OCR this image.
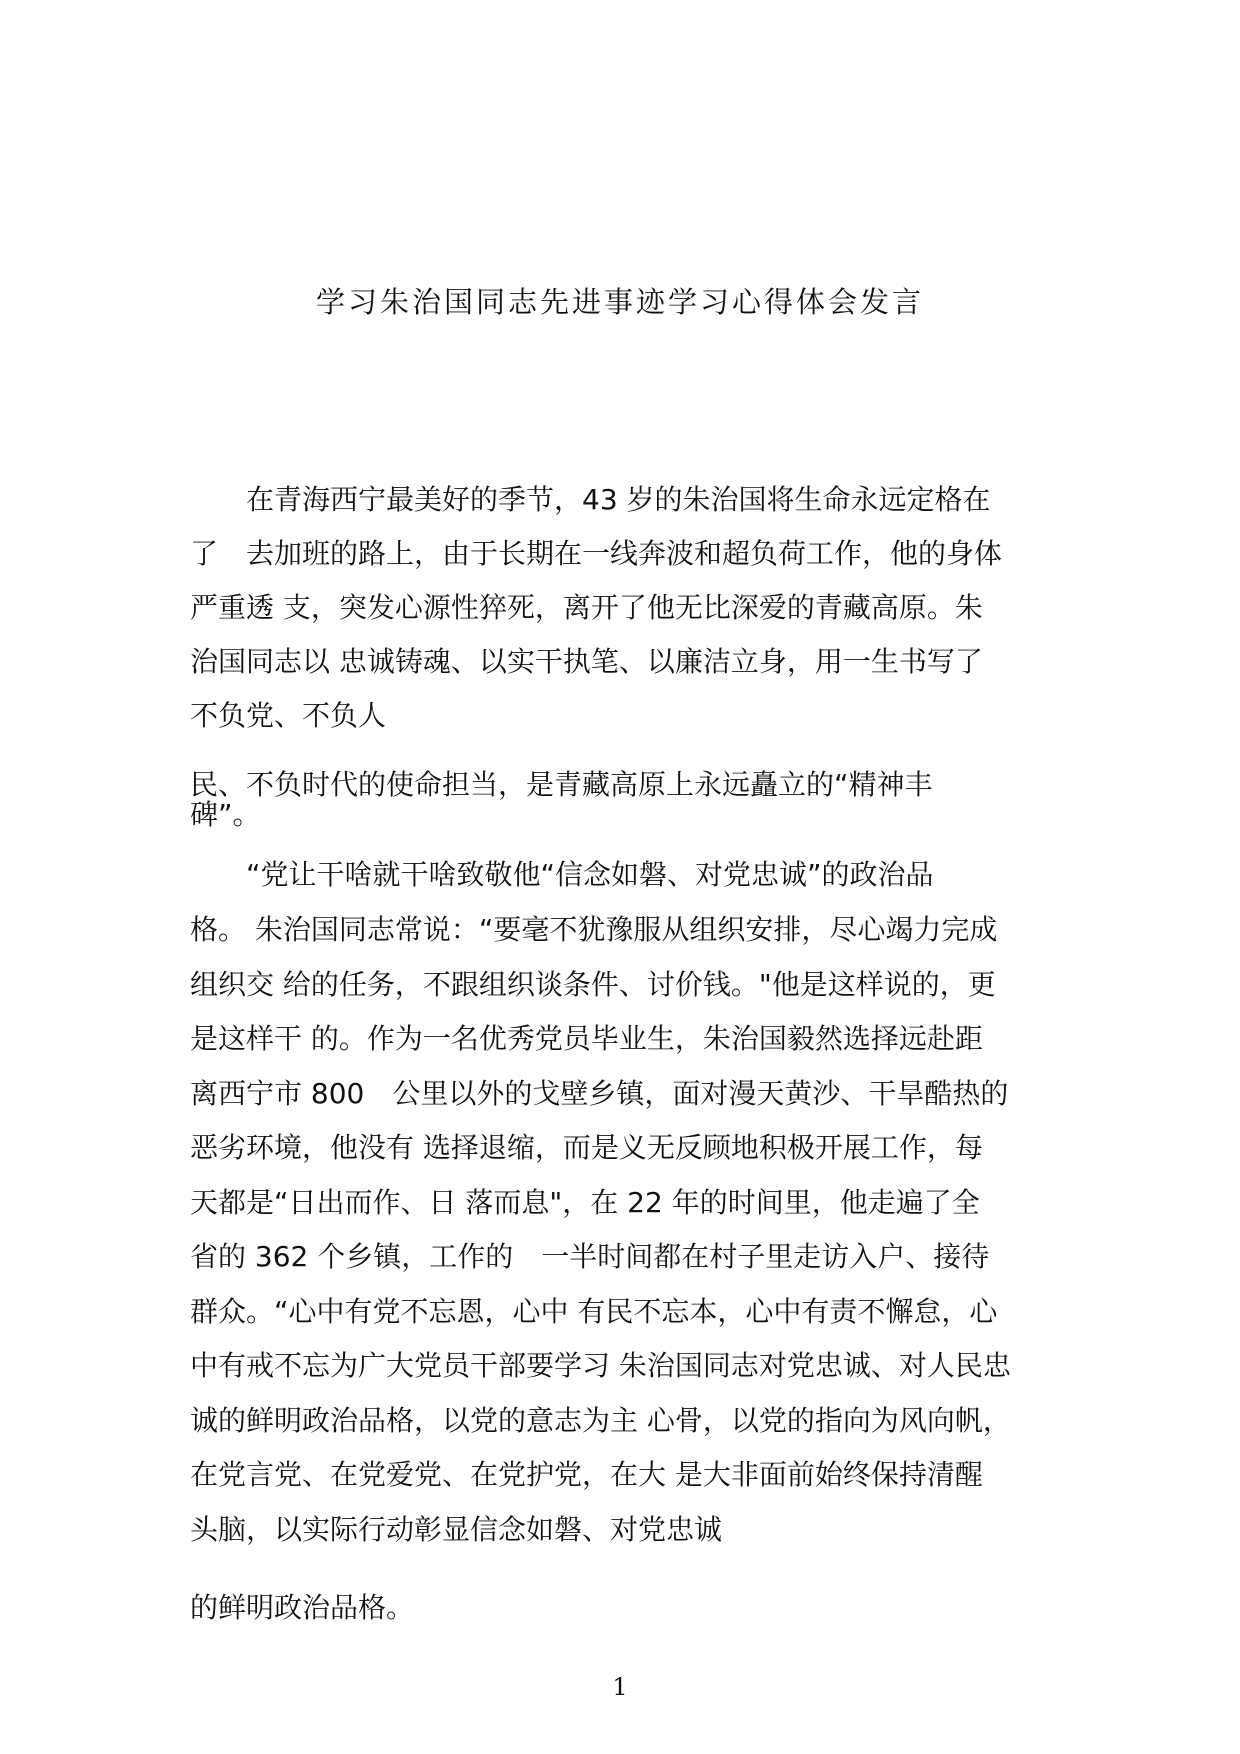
学习朱治国同志先进事迹学习心得体会发言
　　在青海西宁最美好的季节，43 岁的朱治国将生命永远定格在
了　去加班的路上，由于长期在一线奔波和超负荷工作，他的身体
严重透 支，突发心源性猝死，离开了他无比深爱的青藏高原。朱
治国同志以 忠诚铸魂、以实干执笔、以廉洁立身，用一生书写了
不负党、不负人
民、不负时代的使命担当，是青藏高原上永远矗立的“精神丰
碑”。
　　“党让干啥就干啥致敬他“信念如磐、对党忠诚”的政治品
格。 朱治国同志常说：“要毫不犹豫服从组织安排，尽心竭力完成
组织交 给的任务，不跟组织谈条件、讨价钱。"他是这样说的，更
是这样干 的。作为一名优秀党员毕业生，朱治国毅然选择远赴距
离西宁市 800　公里以外的戈壁乡镇，面对漫天黄沙、干旱酷热的
恶劣环境，他没有 选择退缩，而是义无反顾地积极开展工作，每
天都是“日出而作、日 落而息"，在 22 年的时间里，他走遍了全
省的 362 个乡镇，工作的　一半时间都在村子里走访入户、接待
群众。“心中有党不忘恩，心中 有民不忘本，心中有责不懈怠，心
中有戒不忘为广大党员干部要学习 朱治国同志对党忠诚、对人民忠
诚的鲜明政治品格，以党的意志为主 心骨，以党的指向为风向帆，
在党言党、在党爱党、在党护党，在大 是大非面前始终保持清醒
头脑，以实际行动彰显信念如磐、对党忠诚
的鲜明政治品格。
1
